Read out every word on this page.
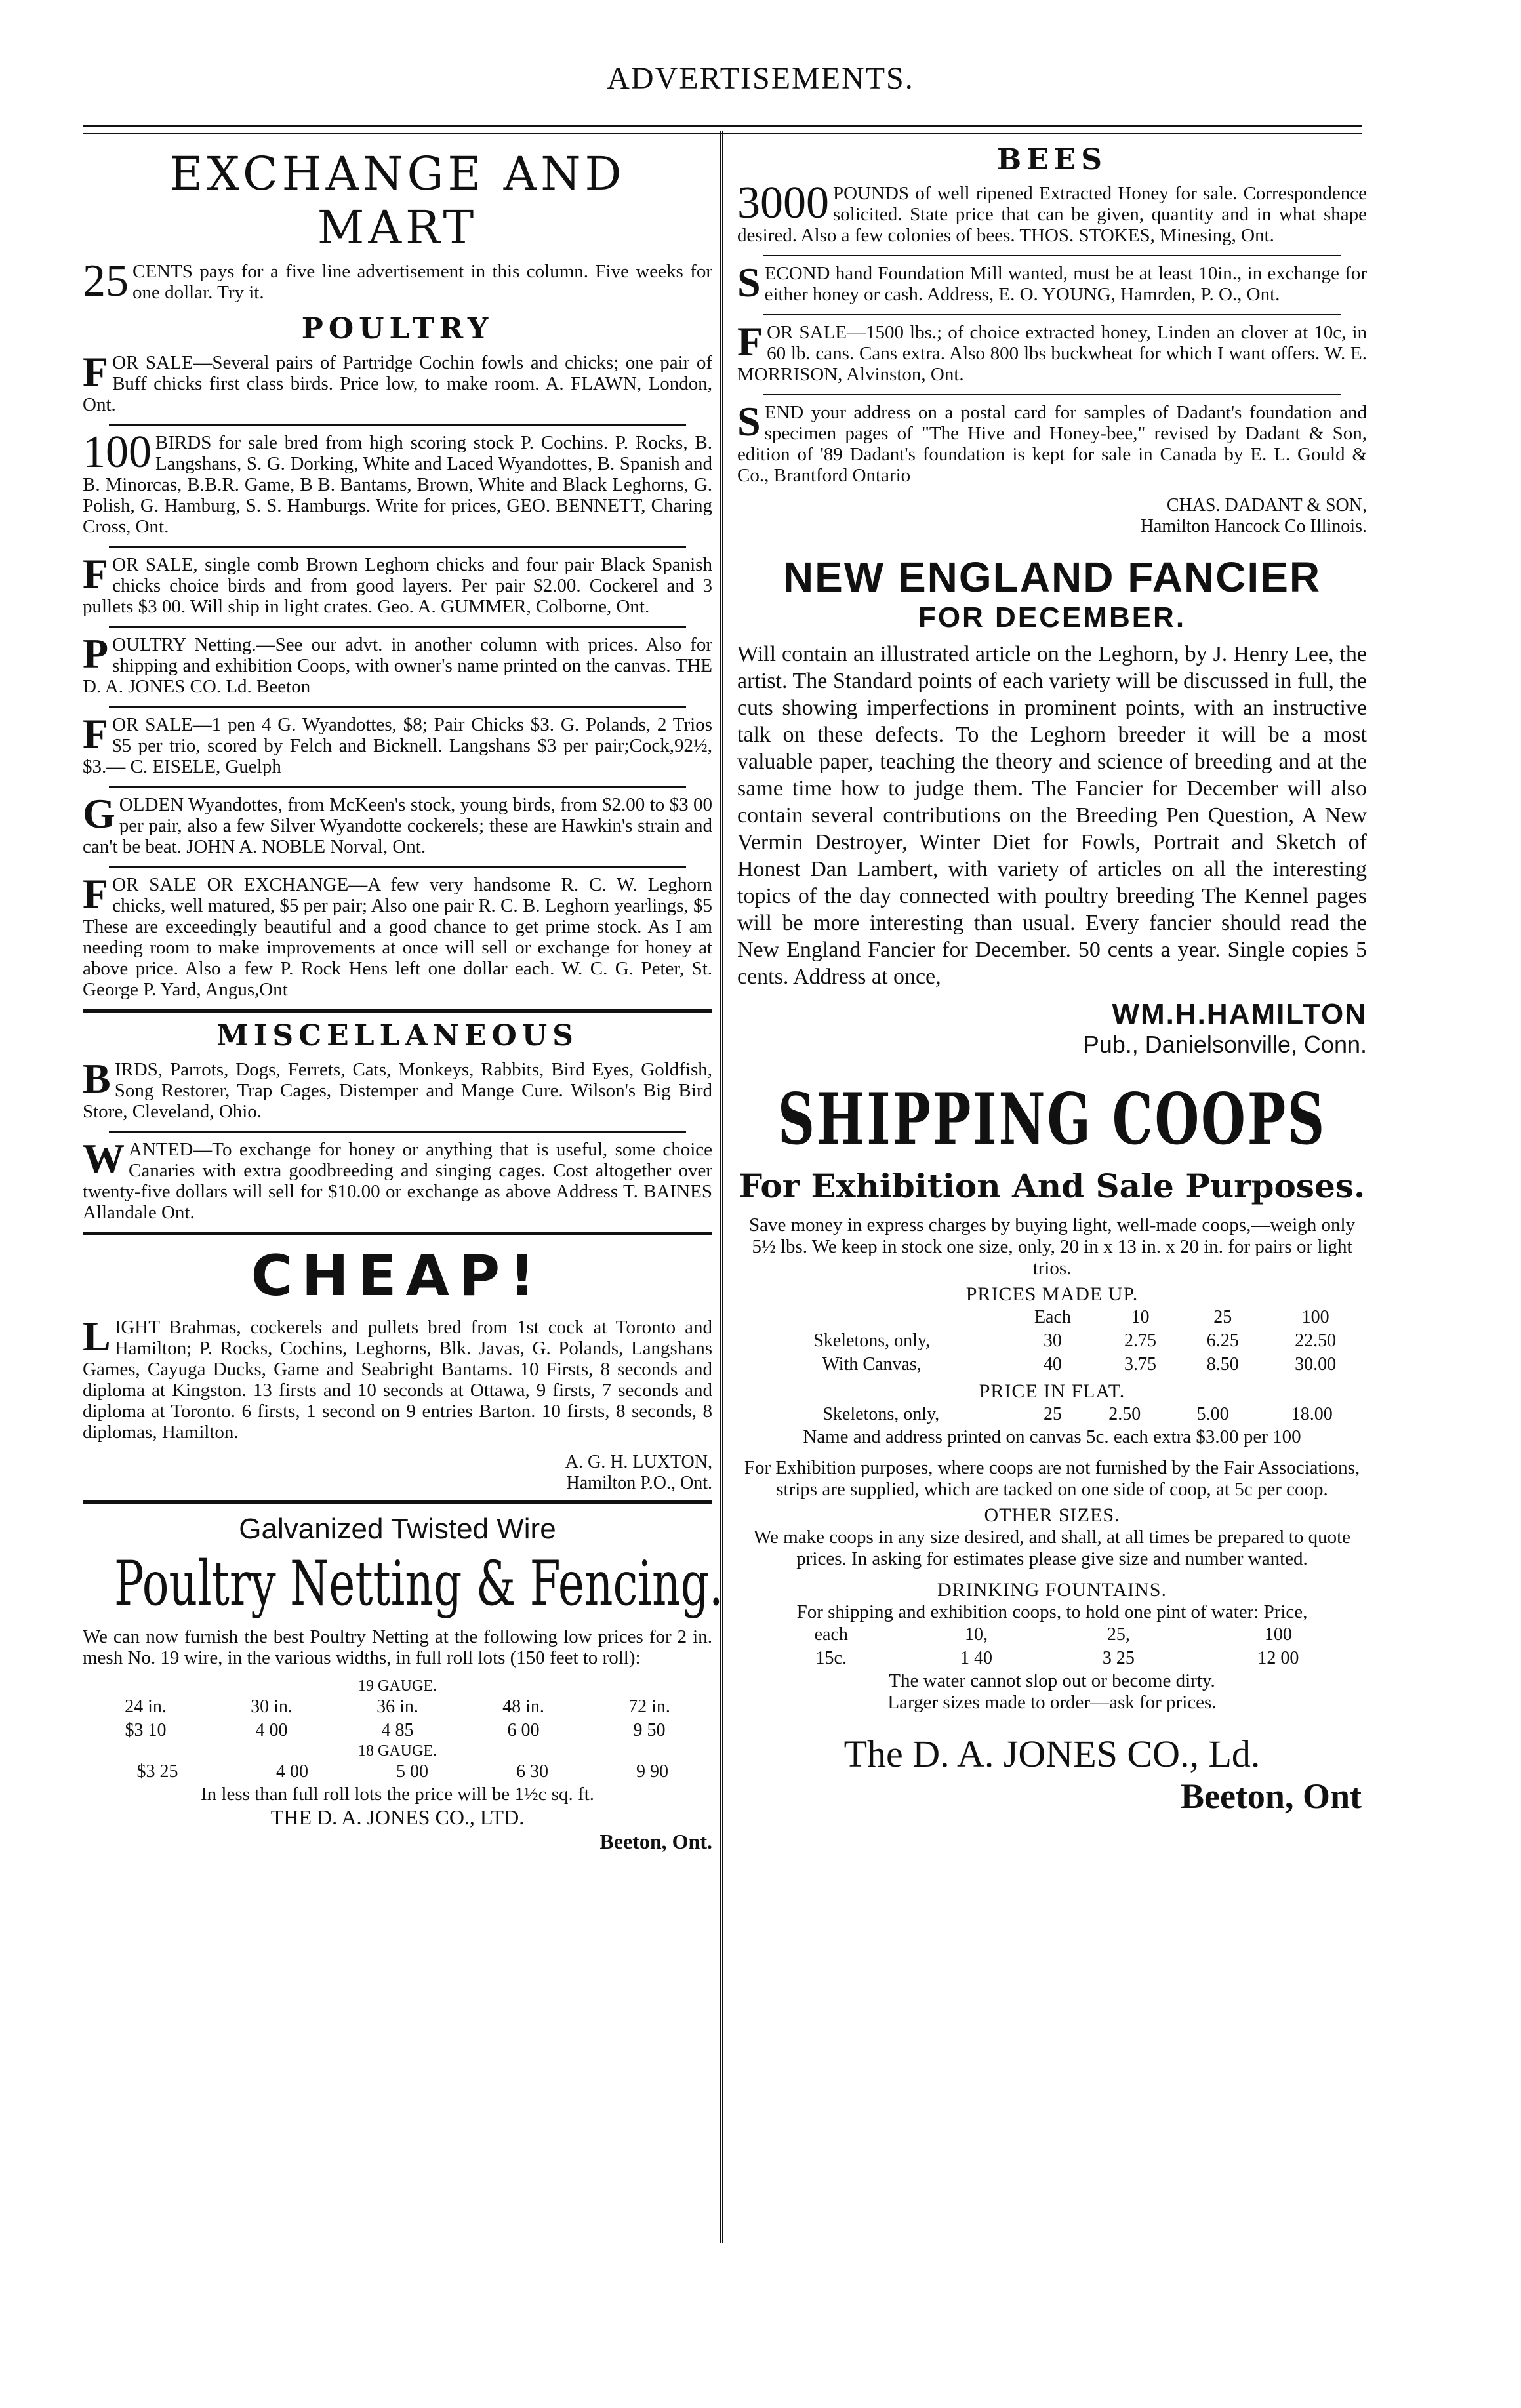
ADVERTISEMENTS.
EXCHANGE AND MART
25 CENTS pays for a five line advertisement in this column. Five weeks for one dollar. Try it.
POULTRY
FOR SALE—Several pairs of Partridge Cochin fowls and chicks; one pair of Buff chicks first class birds. Price low, to make room. A. FLAWN, London, Ont.
100 BIRDS for sale bred from high scoring stock P. Cochins. P. Rocks, B. Langshans, S. G. Dorking, White and Laced Wyandottes, B. Spanish and B. Minorcas, B.B.R. Game, B B. Bantams, Brown, White and Black Leghorns, G. Polish, G. Hamburg, S. S. Hamburgs. Write for prices, GEO. BENNETT, Charing Cross, Ont.
FOR SALE, single comb Brown Leghorn chicks and four pair Black Spanish chicks choice birds and from good layers. Per pair $2.00. Cockerel and 3 pullets $3 00. Will ship in light crates. Geo. A. GUMMER, Colborne, Ont.
POULTRY Netting.—See our advt. in another column with prices. Also for shipping and exhibition Coops, with owner's name printed on the canvas. THE D. A. JONES CO. Ld. Beeton
FOR SALE—1 pen 4 G. Wyandottes, $8; Pair Chicks $3. G. Polands, 2 Trios $5 per trio, scored by Felch and Bicknell. Langshans $3 per pair;Cock,92½, $3.— C. EISELE, Guelph
GOLDEN Wyandottes, from McKeen's stock, young birds, from $2.00 to $3 00 per pair, also a few Silver Wyandotte cockerels; these are Hawkin's strain and can't be beat. JOHN A. NOBLE Norval, Ont.
FOR SALE OR EXCHANGE—A few very handsome R. C. W. Leghorn chicks, well matured, $5 per pair; Also one pair R. C. B. Leghorn yearlings, $5 These are exceedingly beautiful and a good chance to get prime stock. As I am needing room to make improvements at once will sell or exchange for honey at above price. Also a few P. Rock Hens left one dollar each. W. C. G. Peter, St. George P. Yard, Angus,Ont
MISCELLANEOUS
BIRDS, Parrots, Dogs, Ferrets, Cats, Monkeys, Rabbits, Bird Eyes, Goldfish, Song Restorer, Trap Cages, Distemper and Mange Cure. Wilson's Big Bird Store, Cleveland, Ohio.
WANTED—To exchange for honey or anything that is useful, some choice Canaries with extra goodbreeding and singing cages. Cost altogether over twenty-five dollars will sell for $10.00 or exchange as above Address T. BAINES Allandale Ont.
CHEAP!
L IGHT Brahmas, cockerels and pullets bred from 1st cock at Toronto and Hamilton; P. Rocks, Cochins, Leghorns, Blk. Javas, G. Polands, Langshans Games, Cayuga Ducks, Game and Seabright Bantams. 10 Firsts, 8 seconds and diploma at Kingston. 13 firsts and 10 seconds at Ottawa, 9 firsts, 7 seconds and diploma at Toronto. 6 firsts, 1 second on 9 entries Barton. 10 firsts, 8 seconds, 8 diplomas, Hamilton.
A. G. H. LUXTON,
Hamilton P.O., Ont.
Galvanized Twisted Wire
Poultry Netting & Fencing.
We can now furnish the best Poultry Netting at the following low prices for 2 in. mesh No. 19 wire, in the various widths, in full roll lots (150 feet to roll):
19 GAUGE.
24 in.	30 in.	36 in.	48 in.	72 in.
$3 10	4 00	4 85	6 00	9 50
18 GAUGE.
$3 25	4 00	5 00	6 30	9 90
In less than full roll lots the price will be 1½c sq. ft.
THE D. A. JONES CO., LTD.
Beeton, Ont.
BEES
3000 POUNDS of well ripened Extracted Honey for sale. Correspondence solicited. State price that can be given, quantity and in what shape desired. Also a few colonies of bees. THOS. STOKES, Minesing, Ont.
SECOND hand Foundation Mill wanted, must be at least 10in., in exchange for either honey or cash. Address, E. O. YOUNG, Hamrden, P. O., Ont.
FOR SALE—1500 lbs.; of choice extracted honey, Linden an clover at 10c, in 60 lb. cans. Cans extra. Also 800 lbs buckwheat for which I want offers. W. E. MORRISON, Alvinston, Ont.
SEND your address on a postal card for samples of Dadant's foundation and specimen pages of "The Hive and Honey-bee," revised by Dadant & Son, edition of '89 Dadant's foundation is kept for sale in Canada by E. L. Gould & Co., Brantford Ontario
CHAS. DADANT & SON,
Hamilton Hancock Co Illinois.
NEW ENGLAND FANCIER
FOR DECEMBER.
Will contain an illustrated article on the Leghorn, by J. Henry Lee, the artist. The Standard points of each variety will be discussed in full, the cuts showing imperfections in prominent points, with an instructive talk on these defects. To the Leghorn breeder it will be a most valuable paper, teaching the theory and science of breeding and at the same time how to judge them. The Fancier for December will also contain several contributions on the Breeding Pen Question, A New Vermin Destroyer, Winter Diet for Fowls, Portrait and Sketch of Honest Dan Lambert, with variety of articles on all the interesting topics of the day connected with poultry breeding The Kennel pages will be more interesting than usual. Every fancier should read the New England Fancier for December. 50 cents a year. Single copies 5 cents. Address at once,
WM.H.HAMILTON
Pub., Danielsonville, Conn.
SHIPPING COOPS
For Exhibition And Sale Purposes.
Save money in express charges by buying light, well-made coops,—weigh only 5½ lbs. We keep in stock one size, only, 20 in x 13 in. x 20 in. for pairs or light trios.
PRICES MADE UP.
	Each	10	25	100
Skeletons, only,	30	2.75	6.25	22.50
With Canvas,	40	3.75	8.50	30.00
PRICE IN FLAT.
Skeletons, only,	25	2.50	5.00	18.00
Name and address printed on canvas 5c. each extra $3.00 per 100
For Exhibition purposes, where coops are not furnished by the Fair Associations, strips are supplied, which are tacked on one side of coop, at 5c per coop.
OTHER SIZES.
We make coops in any size desired, and shall, at all times be prepared to quote prices. In asking for estimates please give size and number wanted.
DRINKING FOUNTAINS.
For shipping and exhibition coops, to hold one pint of water: Price,
	each	10,	25,	100
	15c.	1 40	3 25	12 00
The water cannot slop out or become dirty.
Larger sizes made to order—ask for prices.
The D. A. JONES CO., Ld.
Beeton, Ont
